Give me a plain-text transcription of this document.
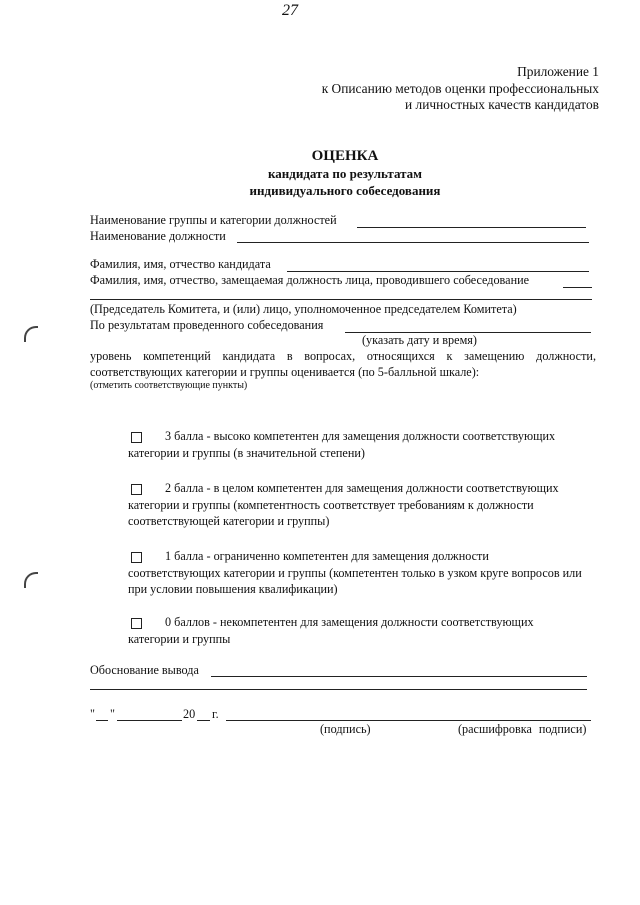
27
Приложение 1
к Описанию методов оценки профессиональных
и личностных качеств кандидатов
ОЦЕНКА
кандидата по результатам
индивидуального собеседования
Наименование группы и категории должностей
Наименование должности
Фамилия, имя, отчество кандидата
Фамилия, имя, отчество, замещаемая должность лица, проводившего собеседование
(Председатель Комитета, и (или) лицо, уполномоченное председателем Комитета)
По результатам проведенного собеседования
(указать дату и время)
уровень компетенций кандидата в вопросах, относящихся к замещению должности, соответствующих категории и группы оценивается (по 5-балльной шкале):
(отметить соответствующие пункты)
3 балла - высоко компетентен для замещения должности соответствующих
категории и группы (в значительной степени)
2 балла - в целом компетентен для замещения должности соответствующих
категории и группы (компетентность соответствует требованиям к должности соответствующей категории и группы)
1 балла - ограниченно компетентен для замещения должности
соответствующих категории и группы (компетентен только в узком круге вопросов или при условии повышения квалификации)
0 баллов - некомпетентен для замещения должности соответствующих
категории и группы
Обоснование вывода
" "	20 г.
(подпись)	(расшифровка подписи)
